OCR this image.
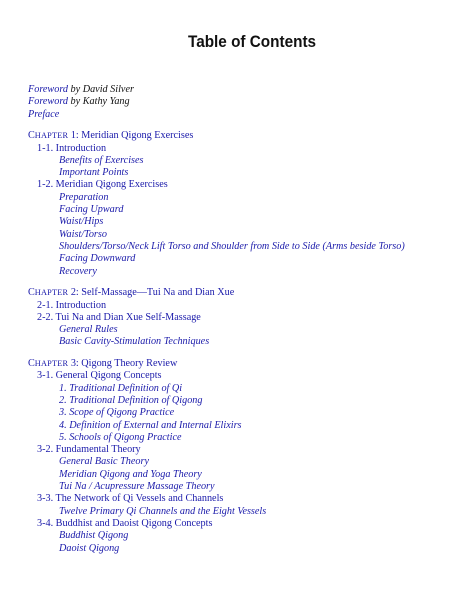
Table of Contents
Foreword by David Silver
Foreword by Kathy Yang
Preface
CHAPTER 1: Meridian Qigong Exercises
1-1. Introduction
Benefits of Exercises
Important Points
1-2. Meridian Qigong Exercises
Preparation
Facing Upward
Waist/Hips
Waist/Torso
Shoulders/Torso/Neck Lift Torso and Shoulder from Side to Side (Arms beside Torso)
Facing Downward
Recovery
CHAPTER 2: Self-Massage—Tui Na and Dian Xue
2-1. Introduction
2-2. Tui Na and Dian Xue Self-Massage
General Rules
Basic Cavity-Stimulation Techniques
CHAPTER 3: Qigong Theory Review
3-1. General Qigong Concepts
1. Traditional Definition of Qi
2. Traditional Definition of Qigong
3. Scope of Qigong Practice
4. Definition of External and Internal Elixirs
5. Schools of Qigong Practice
3-2. Fundamental Theory
General Basic Theory
Meridian Qigong and Yoga Theory
Tui Na / Acupressure Massage Theory
3-3. The Network of Qi Vessels and Channels
Twelve Primary Qi Channels and the Eight Vessels
3-4. Buddhist and Daoist Qigong Concepts
Buddhist Qigong
Daoist Qigong
